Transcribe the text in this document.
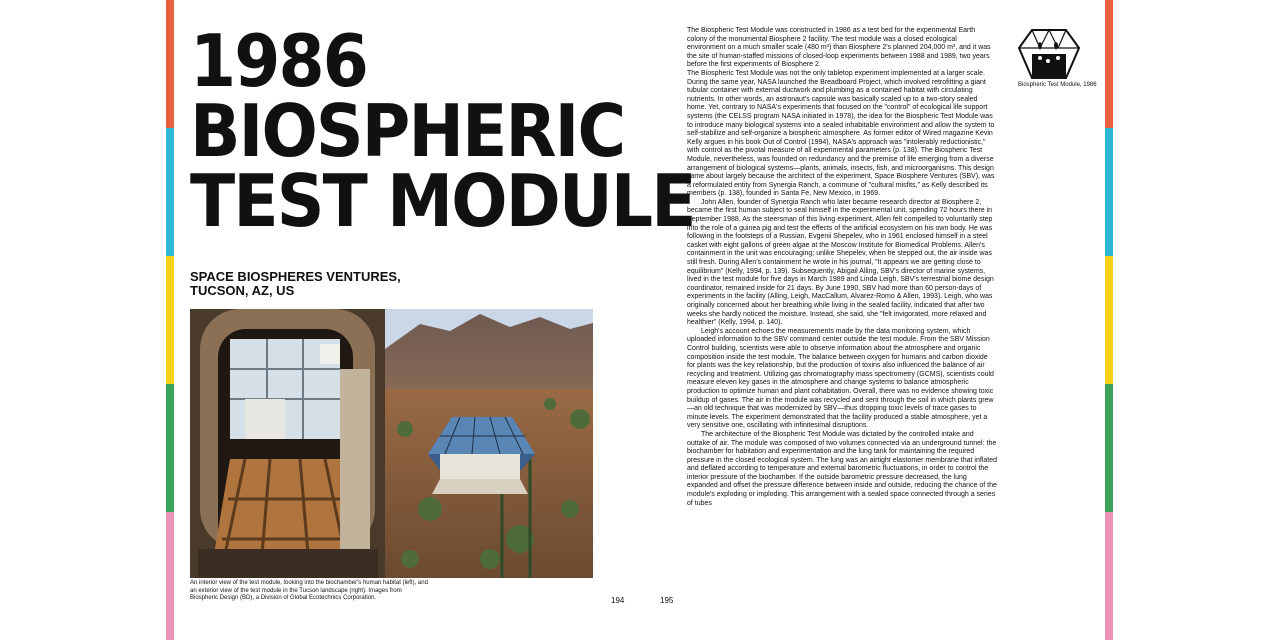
1986
BIOSPHERIC
TEST MODULE
SPACE BIOSPHERES VENTURES,
TUCSON, AZ, US
An interior view of the test module, looking into the biochamber's human habitat (left), and an exterior view of the test module in the Tucson landscape (right). Images from Biospheric Design (BD), a Division of Global Ecotechnics Corporation.	194	195

The Biospheric Test Module was constructed in 1986 as a test bed for the experimental Earth colony of the monumental Biosphere 2 facility. The test module was a closed ecological environment on a much smaller scale (480 m³) than Biosphere 2's planned 204,000 m³, and it was the site of human-staffed missions of closed-loop experiments between 1988 and 1989, two years before the first experiments of Biosphere 2.

The Biospheric Test Module was not the only tabletop experiment implemented at a larger scale. During the same year, NASA launched the Breadboard Project, which involved retrofitting a giant tubular container with external ductwork and plumbing as a contained habitat with circulating nutrients. In other words, an astronaut's capsule was basically scaled up to a two-story sealed home. Yet, contrary to NASA's experiments that focused on the "control" of ecological life support systems (the CELSS program NASA initiated in 1978), the idea for the Biospheric Test Module was to introduce many biological systems into a sealed inhabitable environment and allow the system to self-stabilize and self-organize a biospheric atmosphere. As former editor of Wired magazine Kevin Kelly argues in his book Out of Control (1994), NASA's approach was "intolerably reductionistic," with control as the pivotal measure of all experimental parameters (p. 138). The Biospheric Test Module, nevertheless, was founded on redundancy and the premise of life emerging from a diverse arrangement of biological systems—plants, animals, insects, fish, and microorganisms. This design came about largely because the architect of the experiment, Space Biosphere Ventures (SBV), was a reformulated entity from Synergia Ranch, a commune of "cultural misfits," as Kelly described its members (p. 138), founded in Santa Fe, New Mexico, in 1969.

John Allen, founder of Synergia Ranch who later became research director at Biosphere 2, became the first human subject to seal himself in the experimental unit, spending 72 hours there in September 1988. As the steersman of this living experiment, Allen felt compelled to voluntarily step into the role of a guinea pig and test the effects of the artificial ecosystem on his own body. He was following in the footsteps of a Russian, Evgenii Shepelev, who in 1961 enclosed himself in a steel casket with eight gallons of green algae at the Moscow Institute for Biomedical Problems. Allen's containment in the unit was encouraging; unlike Shepelev, when he stepped out, the air inside was still fresh. During Allen's containment he wrote in his journal, "It appears we are getting close to equilibrium" (Kelly, 1994, p. 139). Subsequently, Abigail Alling, SBV's director of marine systems, lived in the test module for five days in March 1989 and Linda Leigh, SBV's terrestrial biome design coordinator, remained inside for 21 days. By June 1990, SBV had more than 60 person-days of experiments in the facility (Alling, Leigh, MacCallum, Alvarez-Romo & Allen, 1993). Leigh, who was originally concerned about her breathing while living in the sealed facility, indicated that after two weeks she hardly noticed the moisture. Instead, she said, she "felt invigorated, more relaxed and healthier" (Kelly, 1994, p. 140).

Leigh's account echoes the measurements made by the data monitoring system, which uploaded information to the SBV command center outside the test module. From the SBV Mission Control building, scientists were able to observe information about the atmosphere and organic composition inside the test module. The balance between oxygen for humans and carbon dioxide for plants was the key relationship, but the production of toxins also influenced the balance of air recycling and treatment. Utilizing gas chromatography mass spectrometry (GCMS), scientists could measure eleven key gases in the atmosphere and change systems to balance atmospheric production to optimize human and plant cohabitation. Overall, there was no evidence showing toxic buildup of gases. The air in the module was recycled and sent through the soil in which plants grew—an old technique that was modernized by SBV—thus dropping toxic levels of trace gases to minute levels. The experiment demonstrated that the facility produced a stable atmosphere, yet a very sensitive one, oscillating with infinitesimal disruptions.

The architecture of the Biospheric Test Module was dictated by the controlled intake and outtake of air. The module was composed of two volumes connected via an underground tunnel: the biochamber for habitation and experimentation and the lung tank for maintaining the required pressure in the closed ecological system. The lung was an airtight elastomer membrane that inflated and deflated according to temperature and external barometric fluctuations, in order to control the interior pressure of the biochamber. If the outside barometric pressure decreased, the lung expanded and offset the pressure difference between inside and outside, reducing the chance of the module's exploding or imploding. This arrangement with a sealed space connected through a series of tubes

Biospheric Test Module, 1986
